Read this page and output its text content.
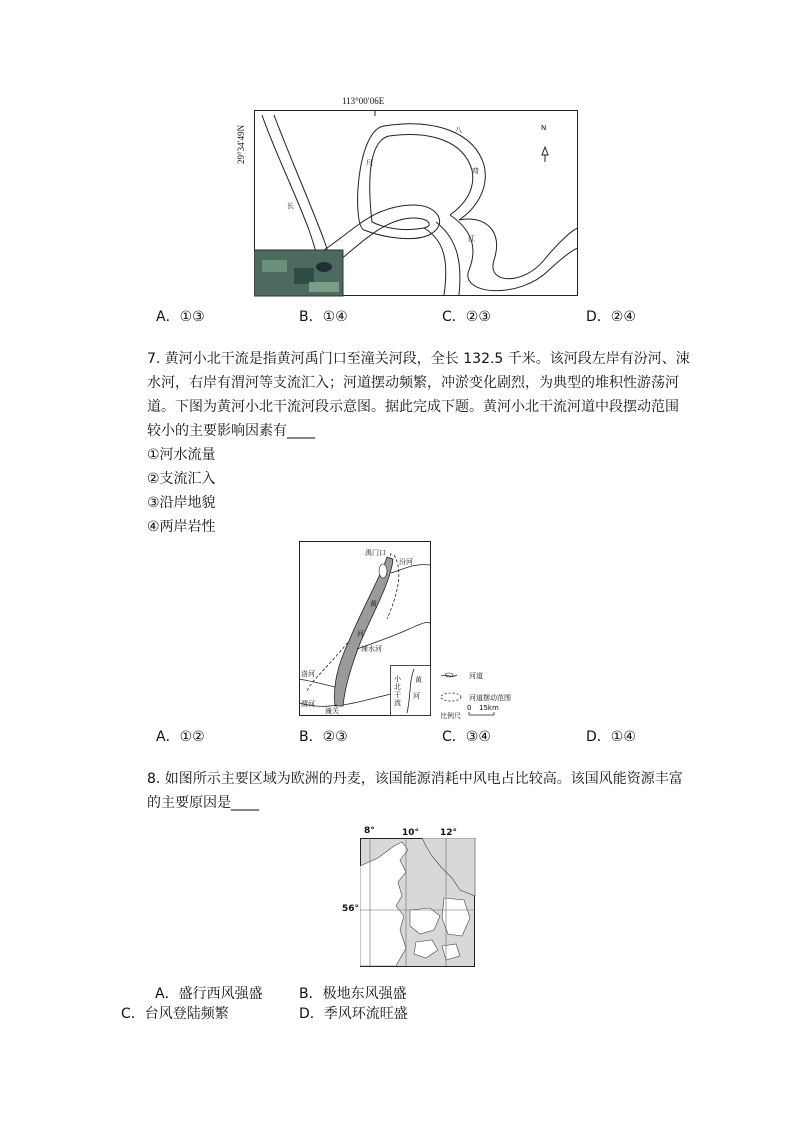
113°00′06E
29°34′49N	N
八
尺
弯
长
江
A．①③	B．①④	C．②③	D．②④
7. 黄河小北干流是指黄河禹门口至潼关河段，全长 132.5 千米。该河段左岸有汾河、涑
水河，右岸有渭河等支流汇入；河道摆动频繁，冲淤变化剧烈，为典型的堆积性游荡河
道。下图为黄河小北干流河段示意图。据此完成下题。黄河小北干流河道中段摆动范围
较小的主要影响因素有____
①河水流量
②支流汇入
③沿岸地貌
④两岸岩性
禹门口
汾河
黄
河
涑水河
洛河
渭河
潼关
小北干流
黄
河
河道
河道摆动范围
比例尺
0 15km
A．①②	B．②③	C．③④	D．①④
8. 如图所示主要区域为欧洲的丹麦，该国能源消耗中风电占比较高。该国风能资源丰富
的主要原因是____
8°	10° 12°
56°
A．盛行西风强盛	B．极地东风强盛
C．台风登陆频繁	D．季风环流旺盛
